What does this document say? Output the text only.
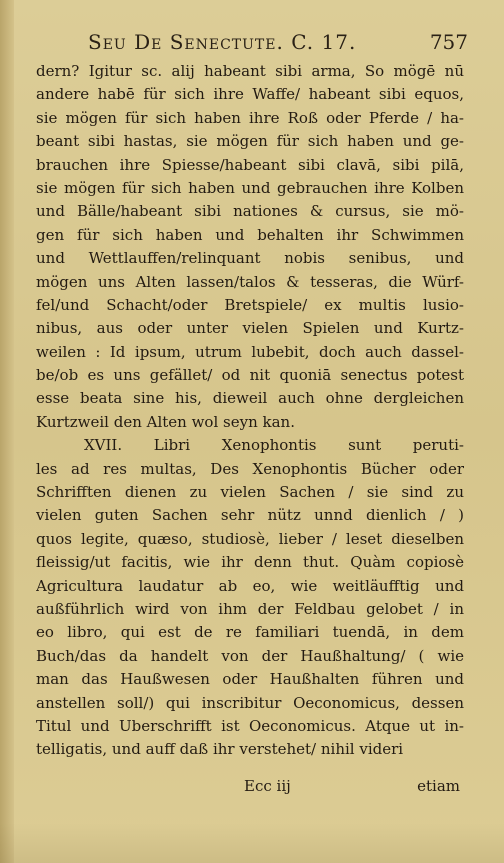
Seu De Senectute. C. 17.	757
dern? Igitur sc. alij habeant sibi arma, So mögē nū
andere habē für sich ihre Waffe/ habeant sibi equos,
sie mögen für sich haben ihre Roß oder Pferde / ha-
beant sibi hastas, sie mögen für sich haben und ge-
brauchen ihre Spiesse/habeant sibi clavā, sibi pilā,
sie mögen für sich haben und gebrauchen ihre Kolben
und Bälle/habeant sibi nationes & cursus, sie mö-
gen für sich haben und behalten ihr Schwimmen
und Wettlauffen/relinquant nobis senibus, und
mögen uns Alten lassen/talos & tesseras, die Würf-
fel/und Schacht/oder Bretspiele/ ex multis lusio-
nibus, aus oder unter vielen Spielen und Kurtz-
weilen : Id ipsum, utrum lubebit, doch auch dassel-
be/ob es uns gefället/ od nit quoniā senectus potest
esse beata sine his, dieweil auch ohne dergleichen
Kurtzweil den Alten wol seyn kan.
XVII. Libri Xenophontis sunt peruti-
les ad res multas, Des Xenophontis Bücher oder
Schrifften dienen zu vielen Sachen / sie sind zu
vielen guten Sachen sehr nütz unnd dienlich / )
quos legite, quæso, studiosè, lieber / leset dieselben
fleissig/ut facitis, wie ihr denn thut. Quàm copiosè
Agricultura laudatur ab eo, wie weitläufftig und
außführlich wird von ihm der Feldbau gelobet / in
eo libro, qui est de re familiari tuendā, in dem
Buch/das da handelt von der Haußhaltung/ ( wie
man das Haußwesen oder Haußhalten führen und
anstellen soll/) qui inscribitur Oeconomicus, dessen
Titul und Uberschrifft ist Oeconomicus. Atque ut in-
telligatis, und auff daß ihr verstehet/ nihil videri
Ecc iij	etiam
